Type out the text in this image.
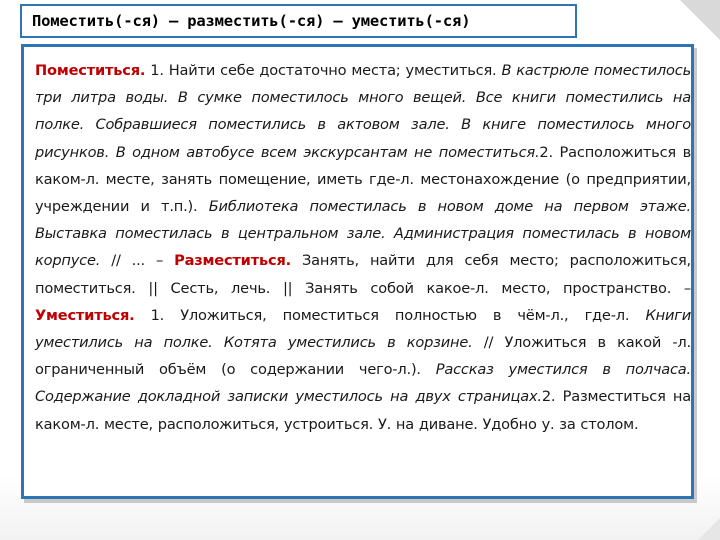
Поместить(-ся) – разместить(-ся) – уместить(-ся)

Поместиться. 1. Найти себе достаточно места; уместиться. В кастрюле поместилось три литра воды. В сумке поместилось много вещей. Все книги поместились на полке. Собравшиеся поместились в актовом зале. В книге поместилось много рисунков. В одном автобусе всем экскурсантам не поместиться.2. Расположиться в каком-л. месте, занять помещение, иметь где-л. местонахождение (о предприятии, учреждении и т.п.). Библиотека поместилась в новом доме на первом этаже. Выставка поместилась в центральном зале. Администрация поместилась в новом корпусе. // ... – Разместиться. Занять, найти для себя место; расположиться, поместиться. || Сесть, лечь. || Занять собой какое-л. место, пространство. –Уместиться. 1. Уложиться, поместиться полностью в чём-л., где-л. Книги уместились на полке. Котята уместились в корзине. // Уложиться в какой -л. ограниченный объём (о содержании чего-л.). Рассказ уместился в полчаса. Содержание докладной записки уместилось на двух страницах.2. Разместиться на каком-л. месте, расположиться, устроиться. У. на диване. Удобно у. за столом.
